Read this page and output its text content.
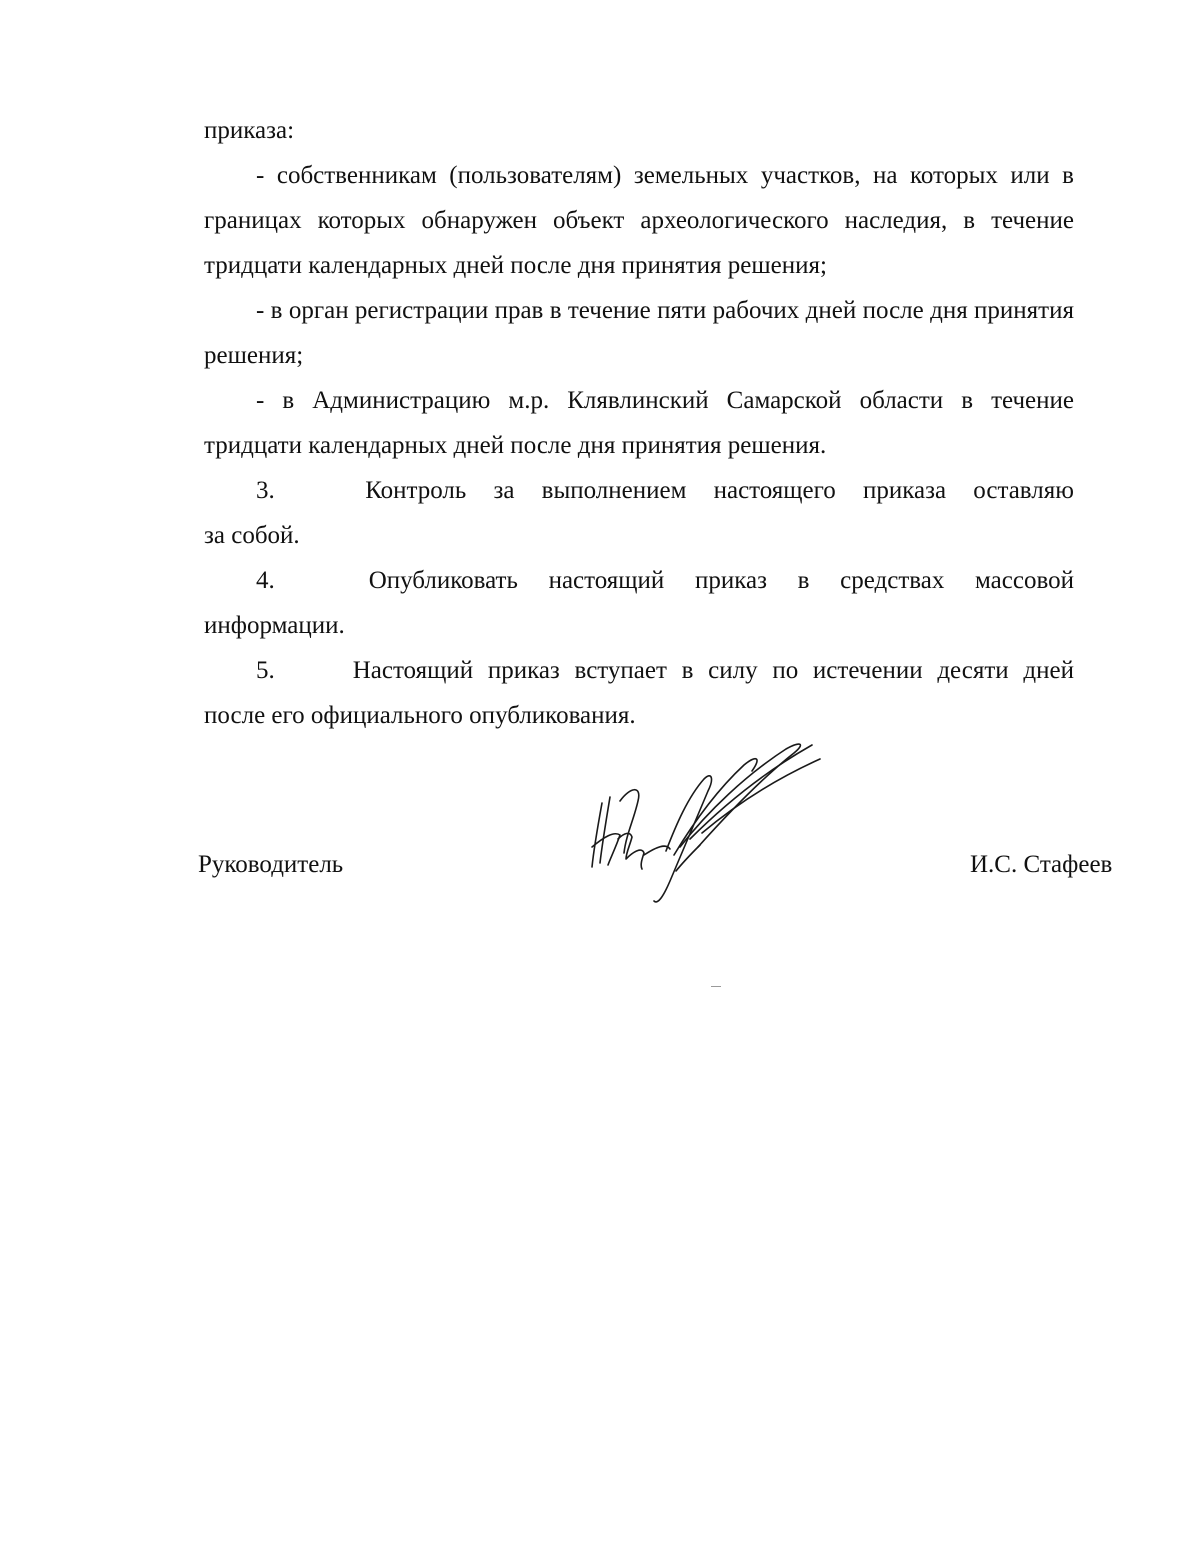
приказа:

- собственникам (пользователям) земельных участков, на которых или в границах которых обнаружен объект археологического наследия, в течение тридцати календарных дней после дня принятия решения;

- в орган регистрации прав в течение пяти рабочих дней после дня принятия решения;

- в Администрацию м.р. Клявлинский Самарской области в течение тридцати календарных дней после дня принятия решения.

3.	Контроль за выполнением настоящего приказа оставляю

за собой.

4.	Опубликовать настоящий приказ в средствах массовой

информации.

5.	Настоящий приказ вступает в силу по истечении десяти дней

после его официального опубликования.

Руководитель	И.С. Стафеев
